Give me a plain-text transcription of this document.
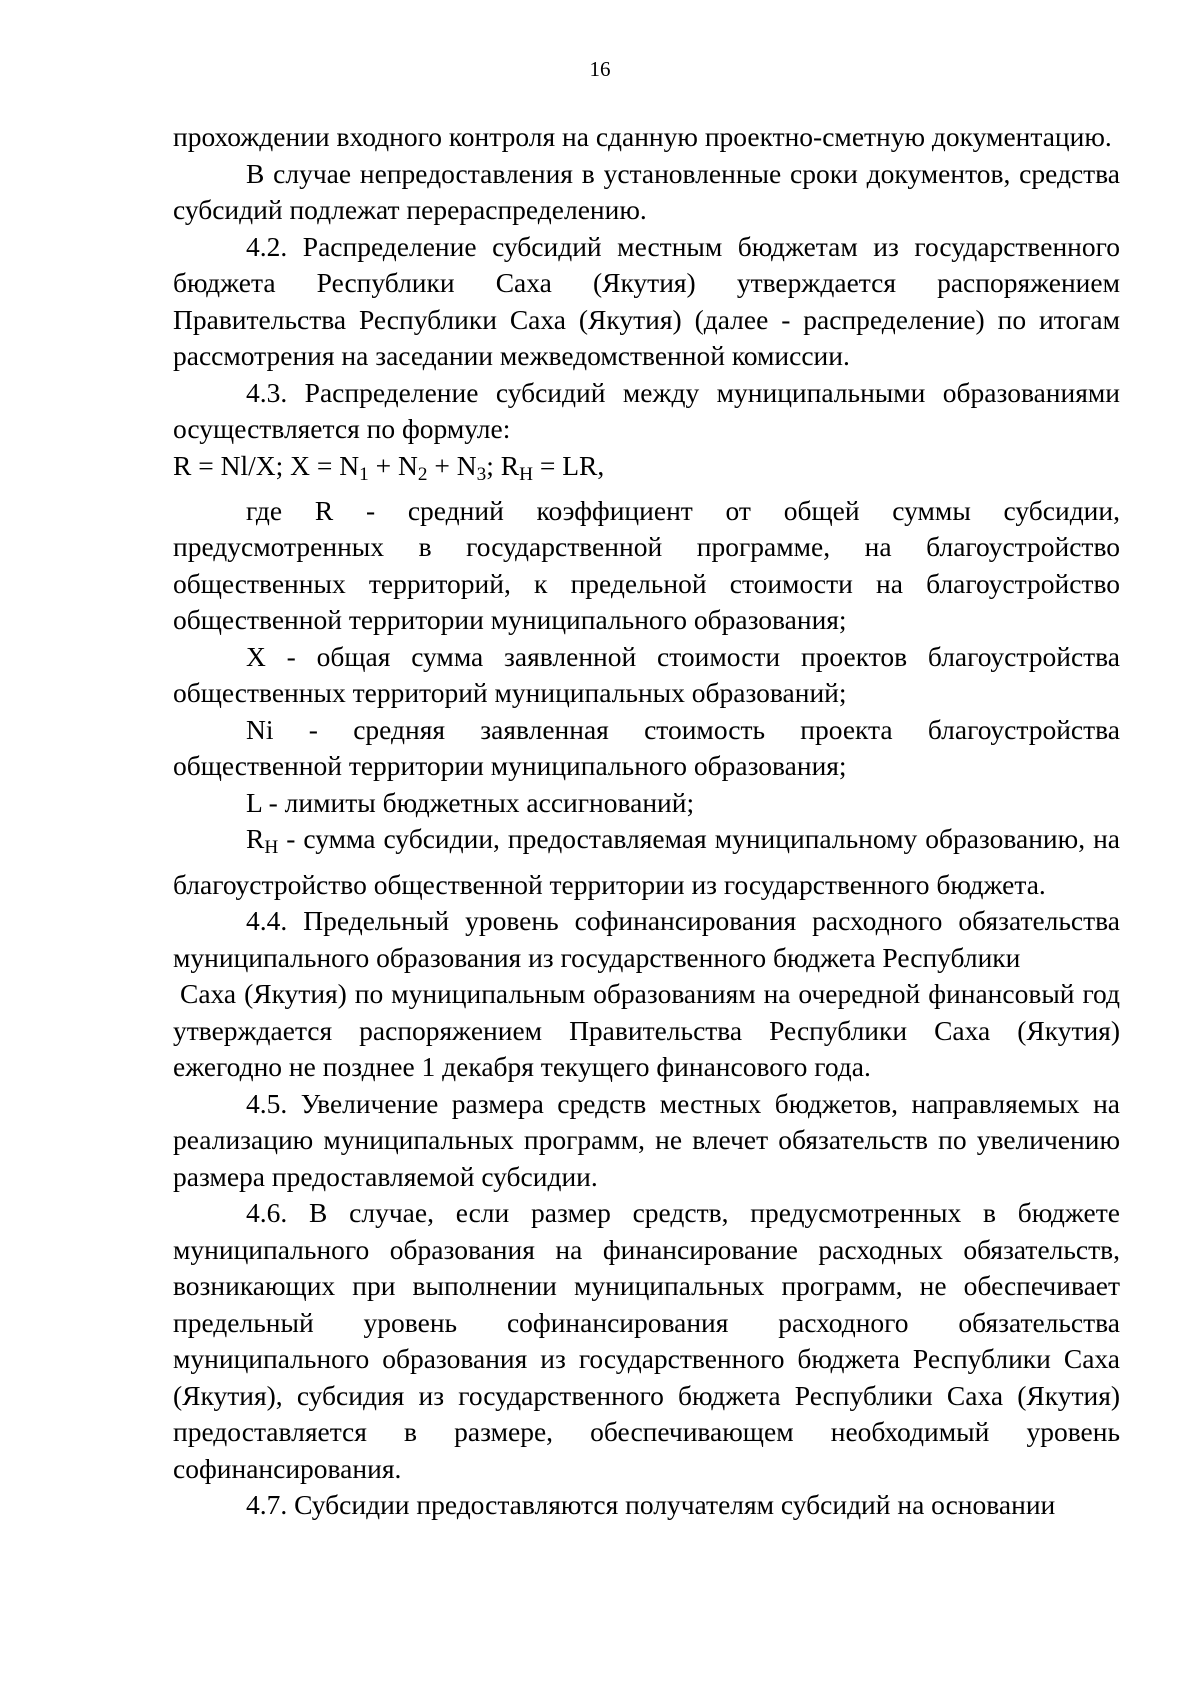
16

прохождении входного контроля на сданную проектно-сметную документацию.

В случае непредоставления в установленные сроки документов, средства субсидий подлежат перераспределению.

4.2. Распределение субсидий местным бюджетам из государственного бюджета Республики Саха (Якутия) утверждается распоряжением Правительства Республики Саха (Якутия) (далее - распределение) по итогам рассмотрения на заседании межведомственной комиссии.

4.3. Распределение субсидий между муниципальными образованиями осуществляется по формуле:

R = Nl/X; $X = N_1 + N_2 + N_3$; $R_Н$ = LR,

где R - средний коэффициент от общей суммы субсидии, предусмотренных в государственной программе, на благоустройство общественных территорий, к предельной стоимости на благоустройство общественной территории муниципального образования;

X - общая сумма заявленной стоимости проектов благоустройства общественных территорий муниципальных образований;

Ni - средняя заявленная стоимость проекта благоустройства общественной территории муниципального образования;

L - лимиты бюджетных ассигнований;

$R_Н$ - сумма субсидии, предоставляемая муниципальному образованию, на благоустройство общественной территории из государственного бюджета.

4.4. Предельный уровень софинансирования расходного обязательства муниципального образования из государственного бюджета Республики

Саха (Якутия) по муниципальным образованиям на очередной финансовый год утверждается распоряжением Правительства Республики Саха (Якутия) ежегодно не позднее 1 декабря текущего финансового года.

4.5. Увеличение размера средств местных бюджетов, направляемых на реализацию муниципальных программ, не влечет обязательств по увеличению размера предоставляемой субсидии.

4.6. В случае, если размер средств, предусмотренных в бюджете муниципального образования на финансирование расходных обязательств, возникающих при выполнении муниципальных программ, не обеспечивает предельный уровень софинансирования расходного обязательства муниципального образования из государственного бюджета Республики Саха (Якутия), субсидия из государственного бюджета Республики Саха (Якутия) предоставляется в размере, обеспечивающем необходимый уровень софинансирования.

4.7. Субсидии предоставляются получателям субсидий на основании
